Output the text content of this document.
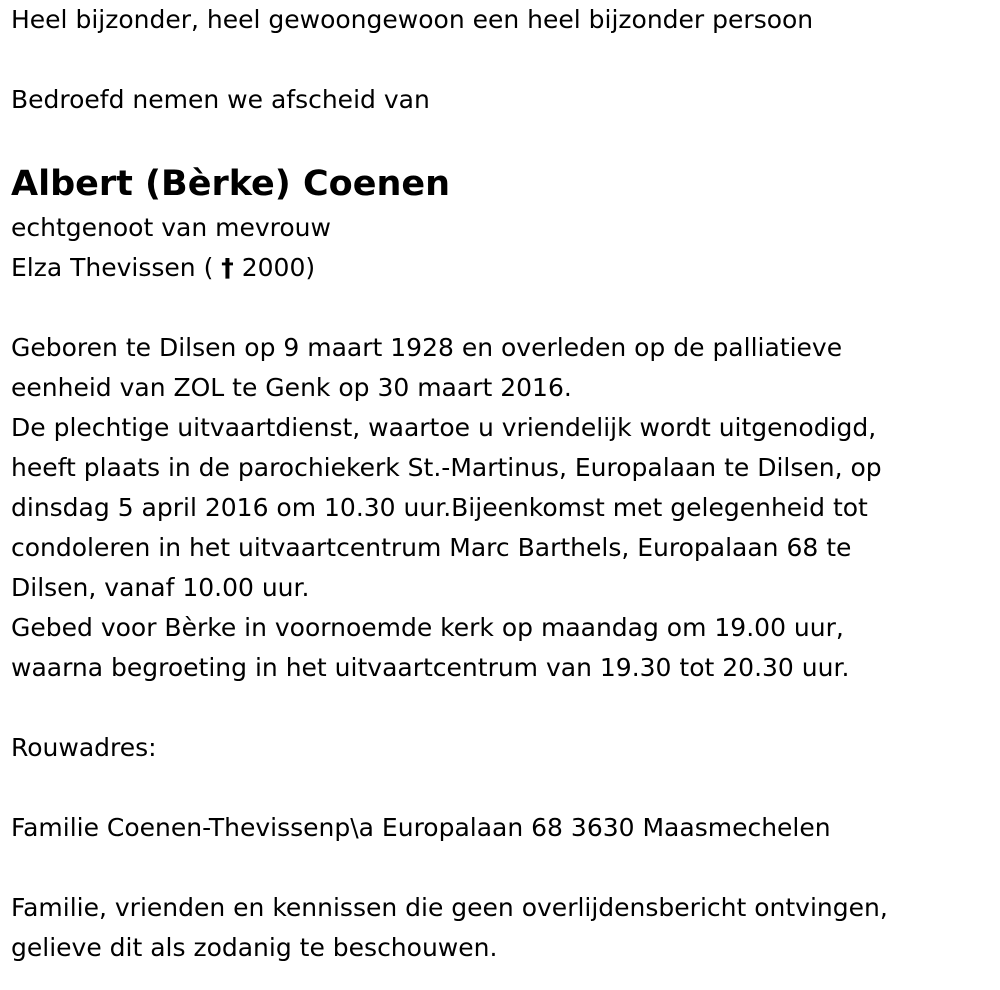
Heel bijzonder, heel gewoongewoon een heel bijzonder persoon
Bedroefd nemen we afscheid van
Albert (Bèrke) Coenen
echtgenoot van mevrouw
Elza Thevissen ( † 2000)
Geboren te Dilsen op 9 maart 1928 en overleden op de palliatieve
eenheid van ZOL te Genk op 30 maart 2016.
De plechtige uitvaartdienst, waartoe u vriendelijk wordt uitgenodigd,
heeft plaats in de parochiekerk St.-Martinus, Europalaan te Dilsen, op
dinsdag 5 april 2016 om 10.30 uur.Bijeenkomst met gelegenheid tot
condoleren in het uitvaartcentrum Marc Barthels, Europalaan 68 te
Dilsen, vanaf 10.00 uur.
Gebed voor Bèrke in voornoemde kerk op maandag om 19.00 uur,
waarna begroeting in het uitvaartcentrum van 19.30 tot 20.30 uur.
Rouwadres:
Familie Coenen-Thevissenp\a Europalaan 68 3630 Maasmechelen
Familie, vrienden en kennissen die geen overlijdensbericht ontvingen,
gelieve dit als zodanig te beschouwen.
